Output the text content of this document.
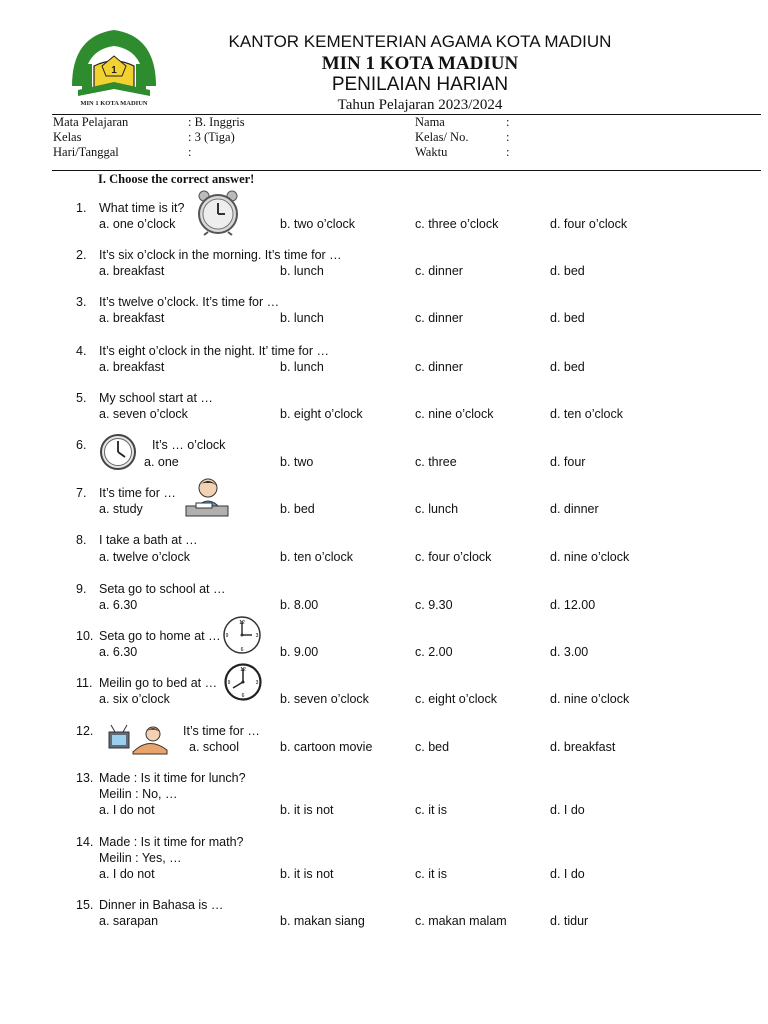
1
MIN 1 KOTA MADIUN
KANTOR KEMENTERIAN AGAMA KOTA MADIUN
MIN 1 KOTA MADIUN
PENILAIAN HARIAN
Tahun Pelajaran 2023/2024
Mata Pelajaran	: B. Inggris
Kelas	: 3 (Tiga)
Hari/Tanggal	:
Nama	:
Kelas/ No.	:
Waktu	:
I. Choose the correct answer!
1. What time is it?
a. one o’clock	b. two o’clock	c. three o’clock	d. four o’clock
2. It’s six o’clock in the morning. It’s time for …
a. breakfast	b. lunch	c. dinner	d. bed
3. It’s twelve o’clock. It’s time for …
a. breakfast	b. lunch	c. dinner	d. bed
4. It’s eight o’clock in the night. It’ time for …
a. breakfast	b. lunch	c. dinner	d. bed
5. My school start at …
a. seven o’clock	b. eight o’clock	c. nine o’clock	d. ten o’clock
6.	It’s … o’clock
a. one	b. two	c. three	d. four
7. It’s time for …
a. study	b. bed	c. lunch	d. dinner
8. I take a bath at …
a. twelve o’clock	b. ten o’clock	c. four o’clock	d. nine o’clock
9. Seta go to school at …
a. 6.30	b. 8.00	c. 9.30	d. 12.00
10. Seta go to home at …
a. 6.30	b. 9.00	c. 2.00	d. 3.00
11. Meilin go to bed at …
a. six o’clock	b. seven o’clock	c. eight o’clock	d. nine o’clock
12.	It’s time for …
a. school	b. cartoon movie	c. bed	d. breakfast
13. Made : Is it time for lunch?
Meilin : No, …
a. I do not	b. it is not	c. it is	d. I do
14. Made : Is it time for math?
Meilin : Yes, …
a. I do not	b. it is not	c. it is	d. I do
15. Dinner in Bahasa is …
a. sarapan	b. makan siang	c. makan malam	d. tidur
12
3
6
9
12
3
6
9
